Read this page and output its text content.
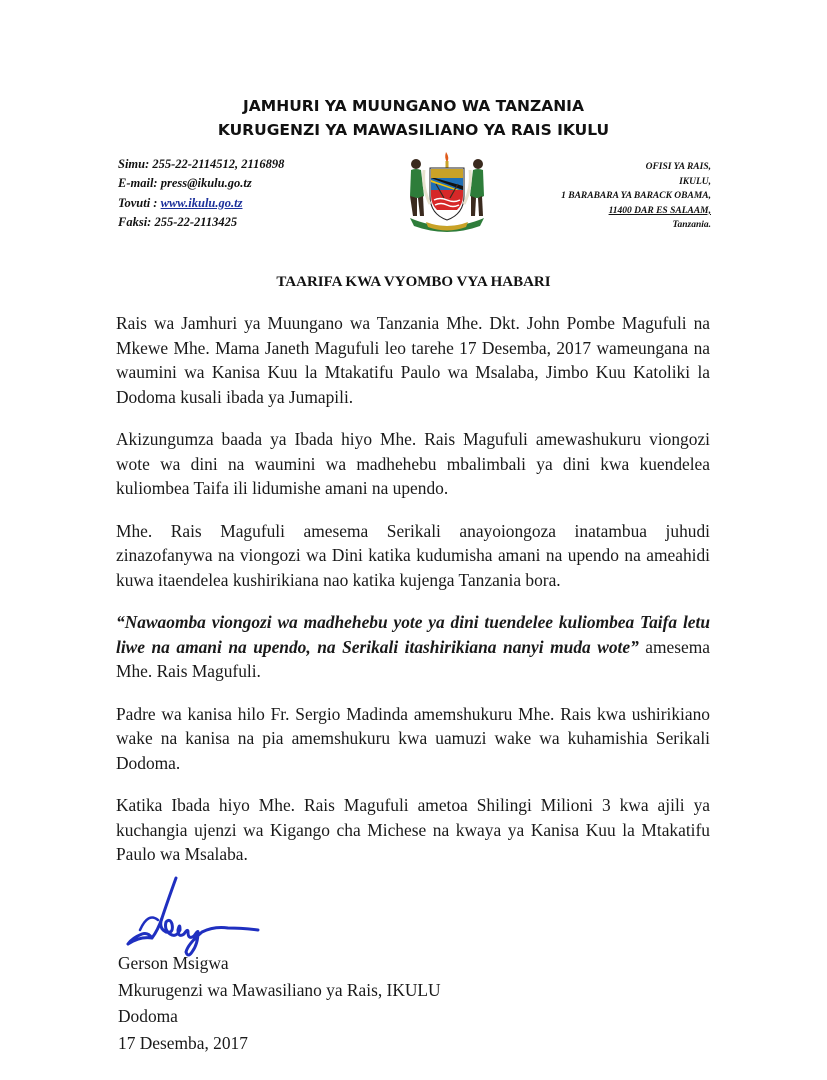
JAMHURI YA MUUNGANO WA TANZANIA
KURUGENZI YA MAWASILIANO YA RAIS IKULU
Simu: 255-22-2114512, 2116898
E-mail: press@ikulu.go.tz
Tovuti : www.ikulu.go.tz
Faksi: 255-22-2113425
OFISI YA RAIS,
IKULU,
1 BARABARA YA BARACK OBAMA,
11400 DAR ES SALAAM,
Tanzania.
TAARIFA KWA VYOMBO VYA HABARI

Rais wa Jamhuri ya Muungano wa Tanzania Mhe. Dkt. John Pombe Magufuli na Mkewe Mhe. Mama Janeth Magufuli leo tarehe 17 Desemba, 2017 wameungana na waumini wa Kanisa Kuu la Mtakatifu Paulo wa Msalaba, Jimbo Kuu Katoliki la Dodoma kusali ibada ya Jumapili.

Akizungumza baada ya Ibada hiyo Mhe. Rais Magufuli amewashukuru viongozi wote wa dini na waumini wa madhehebu mbalimbali ya dini kwa kuendelea kuliombea Taifa ili lidumishe amani na upendo.

Mhe. Rais Magufuli amesema Serikali anayoiongoza inatambua juhudi zinazofanywa na viongozi wa Dini katika kudumisha amani na upendo na ameahidi kuwa itaendelea kushirikiana nao katika kujenga Tanzania bora.

“Nawaomba viongozi wa madhehebu yote ya dini tuendelee kuliombea Taifa letu liwe na amani na upendo, na Serikali itashirikiana nanyi muda wote” amesema Mhe. Rais Magufuli.

Padre wa kanisa hilo Fr. Sergio Madinda amemshukuru Mhe. Rais kwa ushirikiano wake na kanisa na pia amemshukuru kwa uamuzi wake wa kuhamishia Serikali Dodoma.

Katika Ibada hiyo Mhe. Rais Magufuli ametoa Shilingi Milioni 3 kwa ajili ya kuchangia ujenzi wa Kigango cha Michese na kwaya ya Kanisa Kuu la Mtakatifu Paulo wa Msalaba.

Gerson Msigwa
Mkurugenzi wa Mawasiliano ya Rais, IKULU
Dodoma
17 Desemba, 2017
